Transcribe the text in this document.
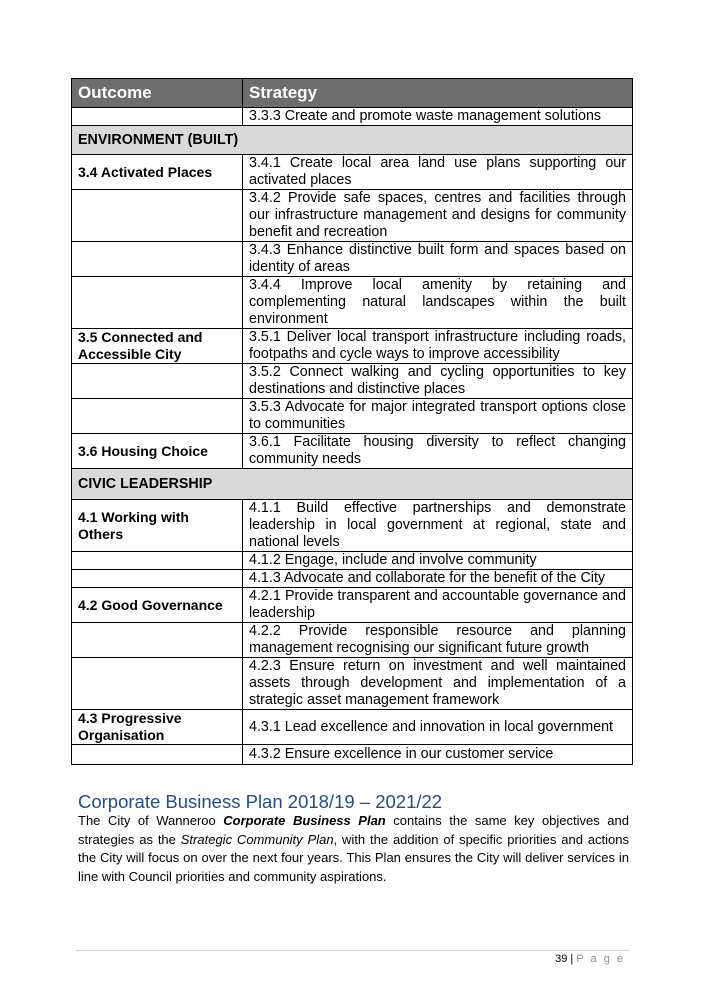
Outcome	Strategy
	3.3.3 Create and promote waste management solutions
ENVIRONMENT (BUILT)	
3.4 Activated Places	3.4.1 Create local area land use plans supporting our activated places
	3.4.2 Provide safe spaces, centres and facilities through our infrastructure management and designs for community benefit and recreation
	3.4.3 Enhance distinctive built form and spaces based on identity of areas
	3.4.4 Improve local amenity by retaining and complementing natural landscapes within the built environment
3.5 Connected and Accessible City	3.5.1 Deliver local transport infrastructure including roads, footpaths and cycle ways to improve accessibility
	3.5.2 Connect walking and cycling opportunities to key destinations and distinctive places
	3.5.3 Advocate for major integrated transport options close to communities
3.6 Housing Choice	3.6.1 Facilitate housing diversity to reflect changing community needs
CIVIC LEADERSHIP	
4.1 Working with Others	4.1.1 Build effective partnerships and demonstrate leadership in local government at regional, state and national levels
	4.1.2 Engage, include and involve community
	4.1.3 Advocate and collaborate for the benefit of the City
4.2 Good Governance	4.2.1 Provide transparent and accountable governance and leadership
	4.2.2 Provide responsible resource and planning management recognising our significant future growth
	4.2.3 Ensure return on investment and well maintained assets through development and implementation of a strategic asset management framework
4.3 Progressive Organisation	4.3.1 Lead excellence and innovation in local government
	4.3.2 Ensure excellence in our customer service
Corporate Business Plan 2018/19 – 2021/22

The City of Wanneroo Corporate Business Plan contains the same key objectives and strategies as the Strategic Community Plan, with the addition of specific priorities and actions the City will focus on over the next four years. This Plan ensures the City will deliver services in line with Council priorities and community aspirations.

39 | P a g e
